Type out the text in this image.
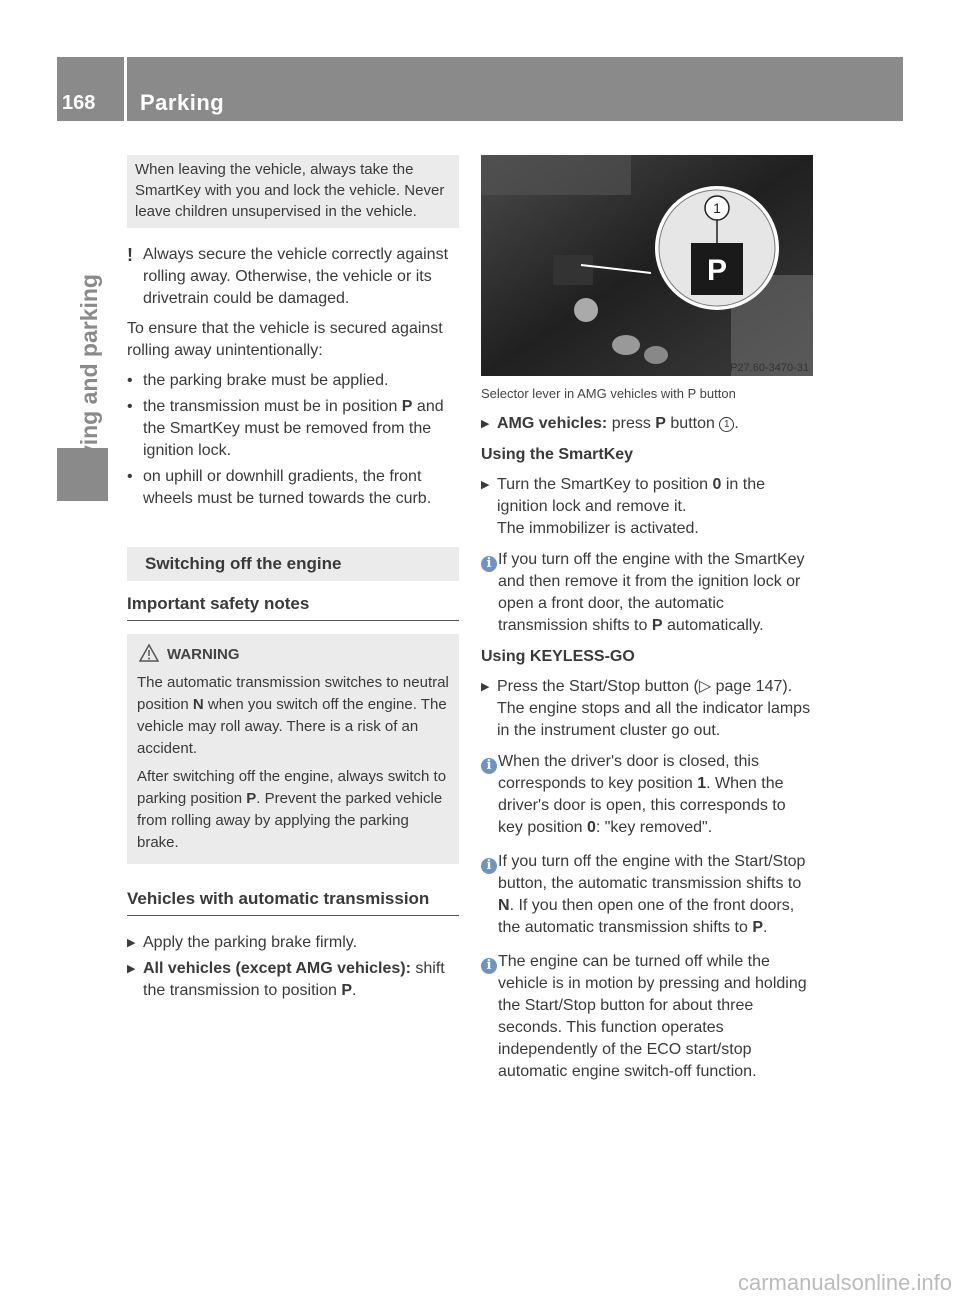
168 Parking
Driving and parking
When leaving the vehicle, always take the SmartKey with you and lock the vehicle. Never leave children unsupervised in the vehicle.
! Always secure the vehicle correctly against rolling away. Otherwise, the vehicle or its drivetrain could be damaged.

To ensure that the vehicle is secured against rolling away unintentionally:

• the parking brake must be applied.
• the transmission must be in position P and the SmartKey must be removed from the ignition lock.
• on uphill or downhill gradients, the front wheels must be turned towards the curb.
Switching off the engine
Important safety notes
WARNING

The automatic transmission switches to neutral position N when you switch off the engine. The vehicle may roll away. There is a risk of an accident.

After switching off the engine, always switch to parking position P. Prevent the parked vehicle from rolling away by applying the parking brake.

Vehicles with automatic transmission
▶ Apply the parking brake firmly.
▶ All vehicles (except AMG vehicles): shift the transmission to position P.
1
P
P27.60-3470-31
Selector lever in AMG vehicles with P button
▶ AMG vehicles: press P button 1 .

Using the SmartKey

▶ Turn the SmartKey to position 0 in the ignition lock and remove it.
The immobilizer is activated.
i If you turn off the engine with the SmartKey and then remove it from the ignition lock or open a front door, the automatic transmission shifts to P automatically.

Using KEYLESS-GO

▶ Press the Start/Stop button (▷ page 147).
The engine stops and all the indicator lamps in the instrument cluster go out.
i When the driver's door is closed, this corresponds to key position 1. When the driver's door is open, this corresponds to key position 0: "key removed".
i If you turn off the engine with the Start/Stop button, the automatic transmission shifts to N. If you then open one of the front doors, the automatic transmission shifts to P.
i The engine can be turned off while the vehicle is in motion by pressing and holding the Start/Stop button for about three seconds. This function operates independently of the ECO start/stop automatic engine switch-off function.
carmanualsonline.info
